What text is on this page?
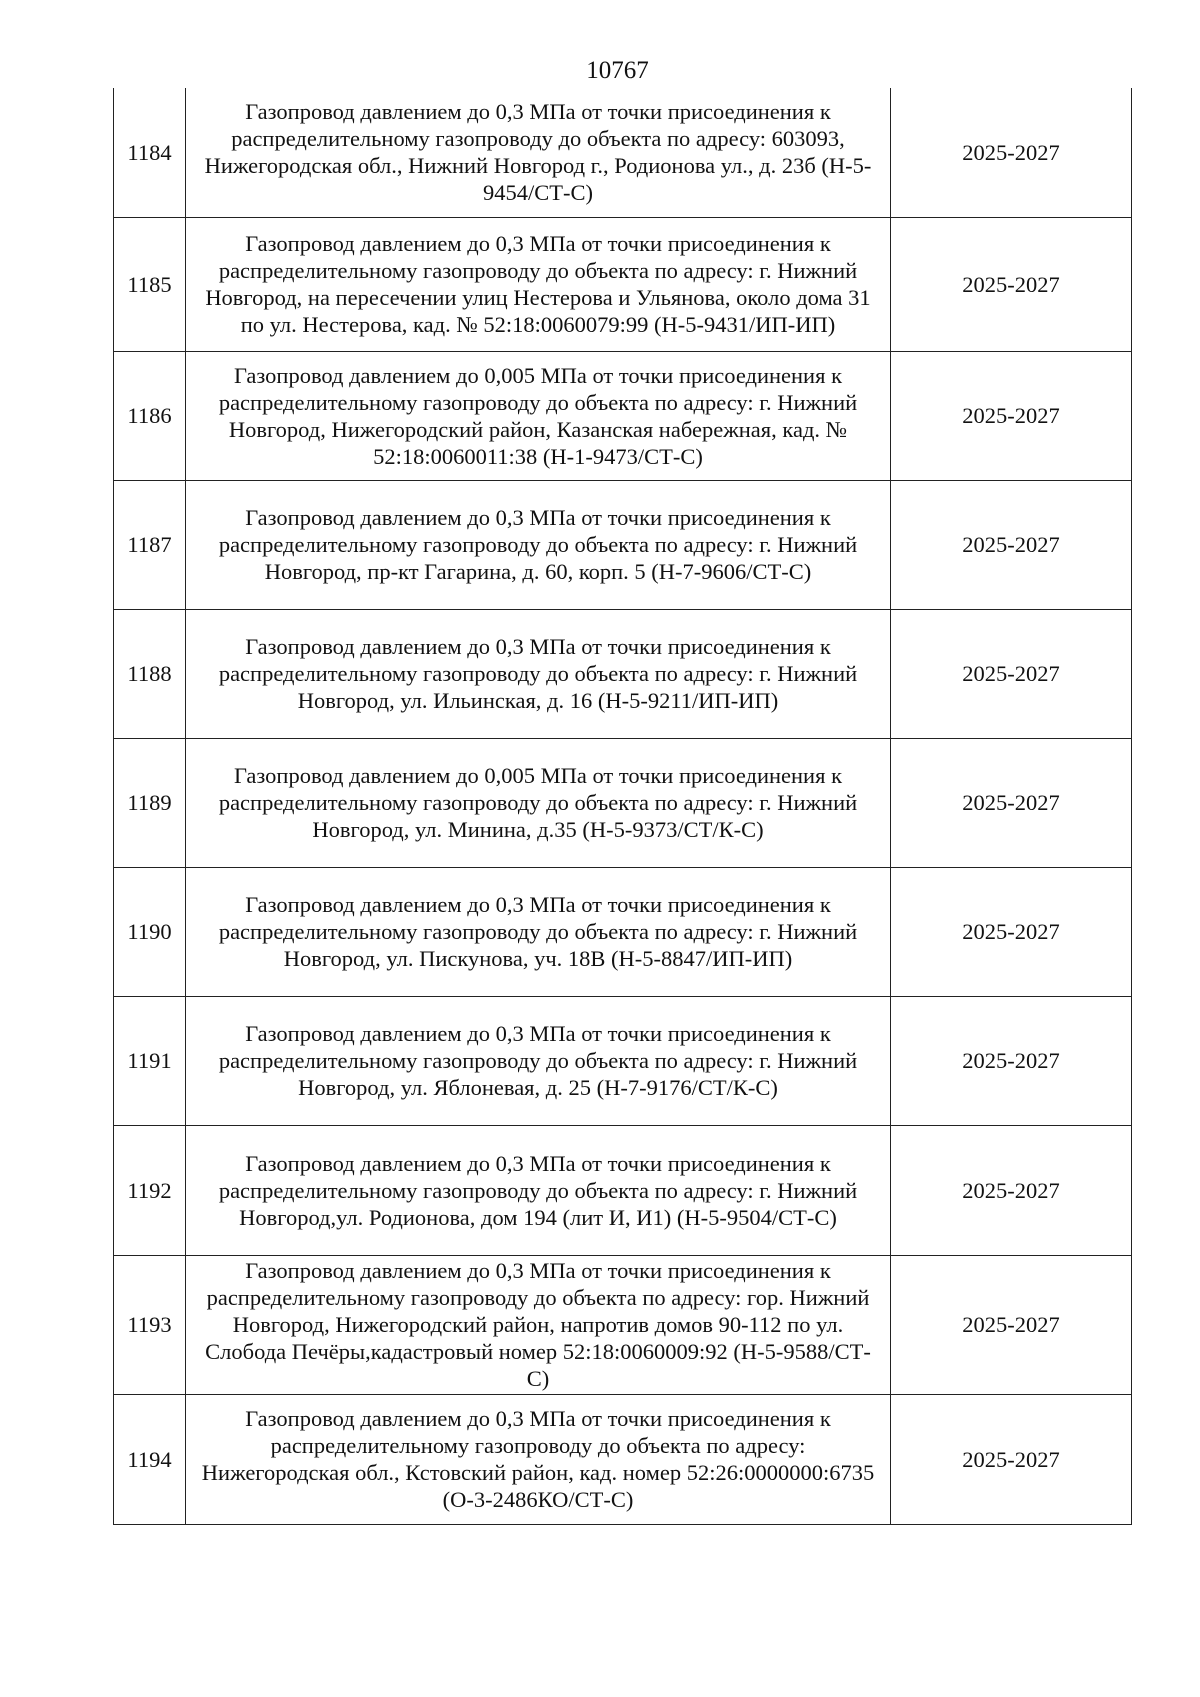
10767
1184	Газопровод давлением до 0,3 МПа от точки присоединения к распределительному газопроводу до объекта по адресу: 603093, Нижегородская обл., Нижний Новгород г., Родионова ул., д. 23б (Н-5-9454/СТ-С)	2025-2027
1185	Газопровод давлением до 0,3 МПа от точки присоединения к распределительному газопроводу до объекта по адресу: г. Нижний Новгород, на пересечении улиц Нестерова и Ульянова, около дома 31 по ул. Нестерова, кад. № 52:18:0060079:99 (Н-5-9431/ИП-ИП)	2025-2027
1186	Газопровод давлением до 0,005 МПа от точки присоединения к распределительному газопроводу до объекта по адресу: г. Нижний Новгород, Нижегородский район, Казанская набережная, кад. № 52:18:0060011:38 (Н-1-9473/СТ-С)	2025-2027
1187	Газопровод давлением до 0,3 МПа от точки присоединения к распределительному газопроводу до объекта по адресу: г. Нижний Новгород, пр-кт Гагарина, д. 60, корп. 5 (Н-7-9606/СТ-С)	2025-2027
1188	Газопровод давлением до 0,3 МПа от точки присоединения к распределительному газопроводу до объекта по адресу: г. Нижний Новгород, ул. Ильинская, д. 16 (Н-5-9211/ИП-ИП)	2025-2027
1189	Газопровод давлением до 0,005 МПа от точки присоединения к распределительному газопроводу до объекта по адресу: г. Нижний Новгород, ул. Минина, д.35 (Н-5-9373/СТ/К-С)	2025-2027
1190	Газопровод давлением до 0,3 МПа от точки присоединения к распределительному газопроводу до объекта по адресу: г. Нижний Новгород, ул. Пискунова, уч. 18В (Н-5-8847/ИП-ИП)	2025-2027
1191	Газопровод давлением до 0,3 МПа от точки присоединения к распределительному газопроводу до объекта по адресу: г. Нижний Новгород, ул. Яблоневая, д. 25 (Н-7-9176/СТ/К-С)	2025-2027
1192	Газопровод давлением до 0,3 МПа от точки присоединения к распределительному газопроводу до объекта по адресу: г. Нижний Новгород,ул. Родионова, дом 194 (лит И, И1) (Н-5-9504/СТ-С)	2025-2027
1193	Газопровод давлением до 0,3 МПа от точки присоединения к распределительному газопроводу до объекта по адресу: гор. Нижний Новгород, Нижегородский район, напротив домов 90-112 по ул. Слобода Печёры,кадастровый номер 52:18:0060009:92 (Н-5-9588/СТ-С)	2025-2027
1194	Газопровод давлением до 0,3 МПа от точки присоединения к распределительному газопроводу до объекта по адресу: Нижегородская обл., Кстовский район, кад. номер 52:26:0000000:6735 (О-3-2486КО/СТ-С)	2025-2027
